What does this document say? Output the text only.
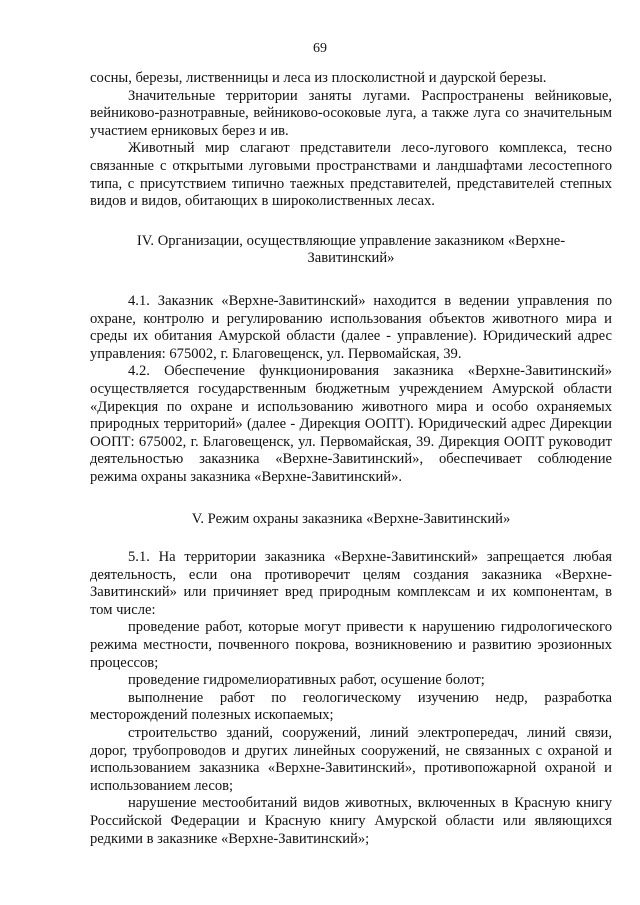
69

сосны, березы, лиственницы и леса из плосколистной и даурской березы.

Значительные территории заняты лугами. Распространены вейниковые, вейниково-разнотравные, вейниково-осоковые луга, а также луга со значительным участием ерниковых берез и ив.

Животный мир слагают представители лесо-лугового комплекса, тесно связанные с открытыми луговыми пространствами и ландшафтами лесостепного типа, с присутствием типично таежных представителей, представителей степных видов и видов, обитающих в широколиственных лесах.

IV. Организации, осуществляющие управление заказником «Верхне-Завитинский»

4.1. Заказник «Верхне-Завитинский» находится в ведении управления по охране, контролю и регулированию использования объектов животного мира и среды их обитания Амурской области (далее - управление). Юридический адрес управления: 675002, г. Благовещенск, ул. Первомайская, 39.

4.2. Обеспечение функционирования заказника «Верхне-Завитинский» осуществляется государственным бюджетным учреждением Амурской области «Дирекция по охране и использованию животного мира и особо охраняемых природных территорий» (далее - Дирекция ООПТ). Юридический адрес Дирекции ООПТ: 675002, г. Благовещенск, ул. Первомайская, 39. Дирекция ООПТ руководит деятельностью заказника «Верхне-Завитинский», обеспечивает соблюдение режима охраны заказника «Верхне-Завитинский».

V. Режим охраны заказника «Верхне-Завитинский»

5.1. На территории заказника «Верхне-Завитинский» запрещается любая деятельность, если она противоречит целям создания заказника «Верхне-Завитинский» или причиняет вред природным комплексам и их компонентам, в том числе:

проведение работ, которые могут привести к нарушению гидрологического режима местности, почвенного покрова, возникновению и развитию эрозионных процессов;

проведение гидромелиоративных работ, осушение болот;

выполнение работ по геологическому изучению недр, разработка месторождений полезных ископаемых;

строительство зданий, сооружений, линий электропередач, линий связи, дорог, трубопроводов и других линейных сооружений, не связанных с охраной и использованием заказника «Верхне-Завитинский», противопожарной охраной и использованием лесов;

нарушение местообитаний видов животных, включенных в Красную книгу Российской Федерации и Красную книгу Амурской области или являющихся редкими в заказнике «Верхне-Завитинский»;
